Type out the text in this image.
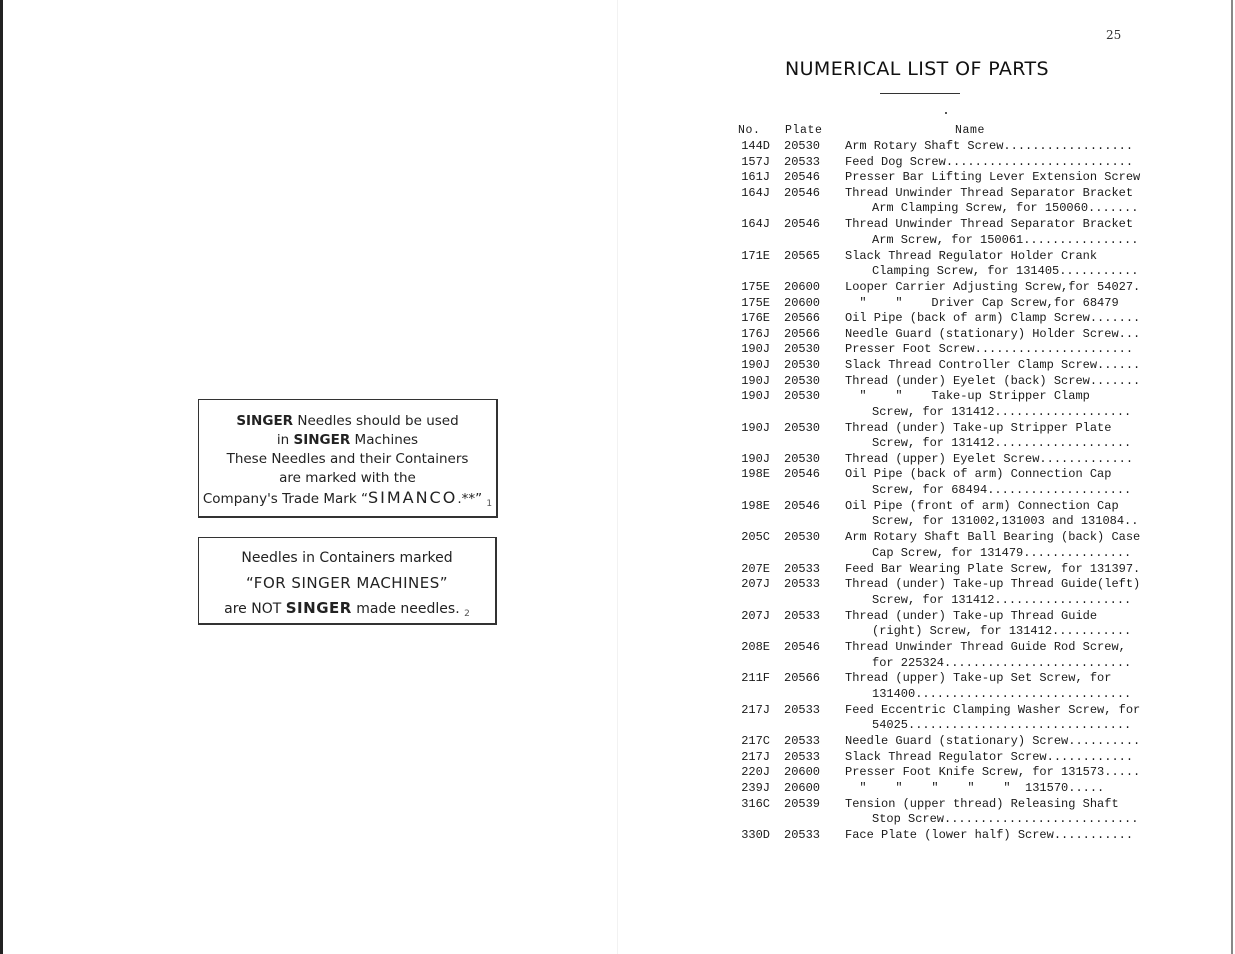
SINGER Needles should be used
in SINGER Machines
These Needles and their Containers
are marked with the
Company's Trade Mark “SIMANCO.**” $_1$
Needles in Containers marked
“FOR SINGER MACHINES”
are NOT SINGER made needles. $_2$
25
NUMERICAL LIST OF PARTS
No. Plate	Name
144D 20530 Arm Rotary Shaft Screw..................
157J 20533 Feed Dog Screw..........................
161J 20546 Presser Bar Lifting Lever Extension Screw
164J 20546 Thread Unwinder Thread Separator Bracket
Arm Clamping Screw, for 150060.......
164J 20546 Thread Unwinder Thread Separator Bracket
Arm Screw, for 150061................
171E 20565 Slack Thread Regulator Holder Crank
Clamping Screw, for 131405...........
175E 20600 Looper Carrier Adjusting Screw,for 54027.
175E 20600 "    "    Driver Cap Screw,for 68479
176E 20566 Oil Pipe (back of arm) Clamp Screw.......
176J 20566 Needle Guard (stationary) Holder Screw...
190J 20530 Presser Foot Screw......................
190J 20530 Slack Thread Controller Clamp Screw......
190J 20530 Thread (under) Eyelet (back) Screw.......
190J 20530 "    "    Take-up Stripper Clamp
Screw, for 131412...................
190J 20530 Thread (under) Take-up Stripper Plate
Screw, for 131412...................
190J 20530 Thread (upper) Eyelet Screw.............
198E 20546 Oil Pipe (back of arm) Connection Cap
Screw, for 68494....................
198E 20546 Oil Pipe (front of arm) Connection Cap
Screw, for 131002,131003 and 131084..
205C 20530 Arm Rotary Shaft Ball Bearing (back) Case
Cap Screw, for 131479...............
207E 20533 Feed Bar Wearing Plate Screw, for 131397.
207J 20533 Thread (under) Take-up Thread Guide(left)
Screw, for 131412...................
207J 20533 Thread (under) Take-up Thread Guide
(right) Screw, for 131412...........
208E 20546 Thread Unwinder Thread Guide Rod Screw,
for 225324..........................
211F 20566 Thread (upper) Take-up Set Screw, for
131400..............................
217J 20533 Feed Eccentric Clamping Washer Screw, for
54025...............................
217C 20533 Needle Guard (stationary) Screw..........
217J 20533 Slack Thread Regulator Screw............
220J 20600 Presser Foot Knife Screw, for 131573.....
239J 20600 "    "    "    "    "  131570.....
316C 20539 Tension (upper thread) Releasing Shaft
Stop Screw...........................
330D 20533 Face Plate (lower half) Screw...........
